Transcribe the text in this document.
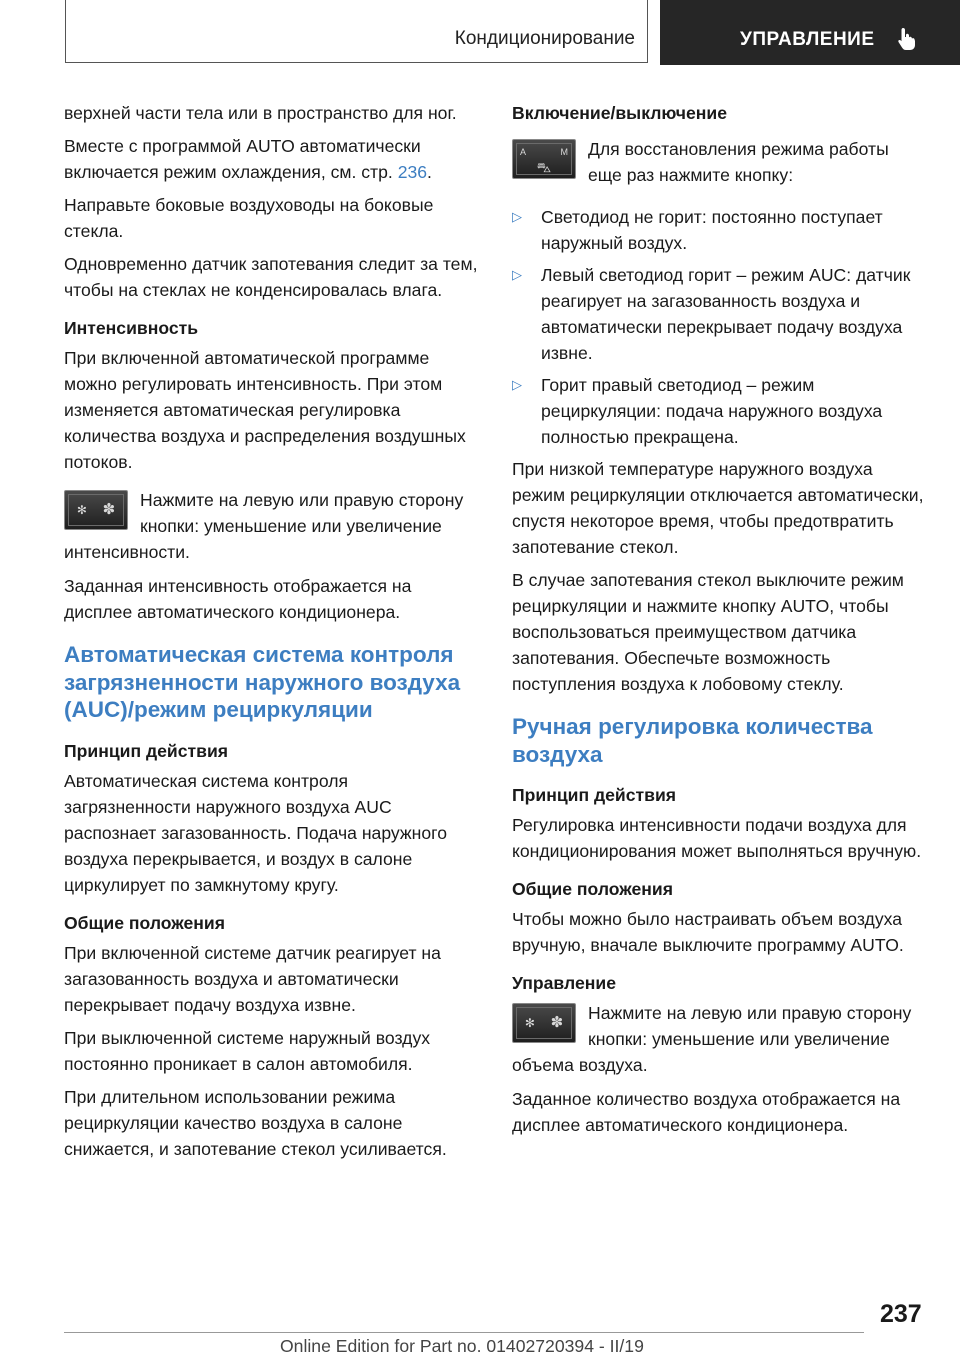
Кондиционирование	УПРАВЛЕНИЕ

верхней части тела или в пространство для ног.

Вместе с программой AUTO автоматически включается режим охлаждения, см. стр. 236.

Направьте боковые воздуховоды на боковые стекла.

Одновременно датчик запотевания следит за тем, чтобы на стеклах не конденсировалась влага.

Интенсивность

При включенной автоматической программе можно регулировать интенсивность. При этом изменяется автоматическая регулировка количества воздуха и распределения воздушных потоков.

✻ ✽ Нажмите на левую или правую сторону кнопки: уменьшение или увеличение интенсивности.

Заданная интенсивность отображается на дисплее автоматического кондиционера.

Автоматическая система контроля загрязненности наружного воздуха (AUC)/режим рециркуляции
Принцип действия

Автоматическая система контроля загрязненности наружного воздуха AUC распознает загазованность. Подача наружного воздуха перекрывается, и воздух в салоне циркулирует по замкнутому кругу.

Общие положения

При включенной системе датчик реагирует на загазованность воздуха и автоматически перекрывает подачу воздуха извне.

При выключенной системе наружный воздух постоянно проникает в салон автомобиля.

При длительном использовании режима рециркуляции качество воздуха в салоне снижается, и запотевание стекол усиливается.

Включение/выключение
A	M
⛍
Для восстановления режима работы еще раз нажмите кнопку:
▷ Светодиод не горит: постоянно поступает наружный воздух.
▷ Левый светодиод горит – режим AUC: датчик реагирует на загазованность воздуха и автоматически перекрывает подачу воздуха извне.
▷ Горит правый светодиод – режим рециркуляции: подача наружного воздуха полностью прекращена.

При низкой температуре наружного воздуха режим рециркуляции отключается автоматически, спустя некоторое время, чтобы предотвратить запотевание стекол.

В случае запотевания стекол выключите режим рециркуляции и нажмите кнопку AUTO, чтобы воспользоваться преимуществом датчика запотевания. Обеспечьте возможность поступления воздуха к лобовому стеклу.

Ручная регулировка количества воздуха
Принцип действия

Регулировка интенсивности подачи воздуха для кондиционирования может выполняться вручную.

Общие положения

Чтобы можно было настраивать объем воздуха вручную, вначале выключите программу AUTO.

Управление
✻ ✽ Нажмите на левую или правую сторону кнопки: уменьшение или увеличение объема воздуха.

Заданное количество воздуха отображается на дисплее автоматического кондиционера.

237
Online Edition for Part no. 01402720394 - II/19
